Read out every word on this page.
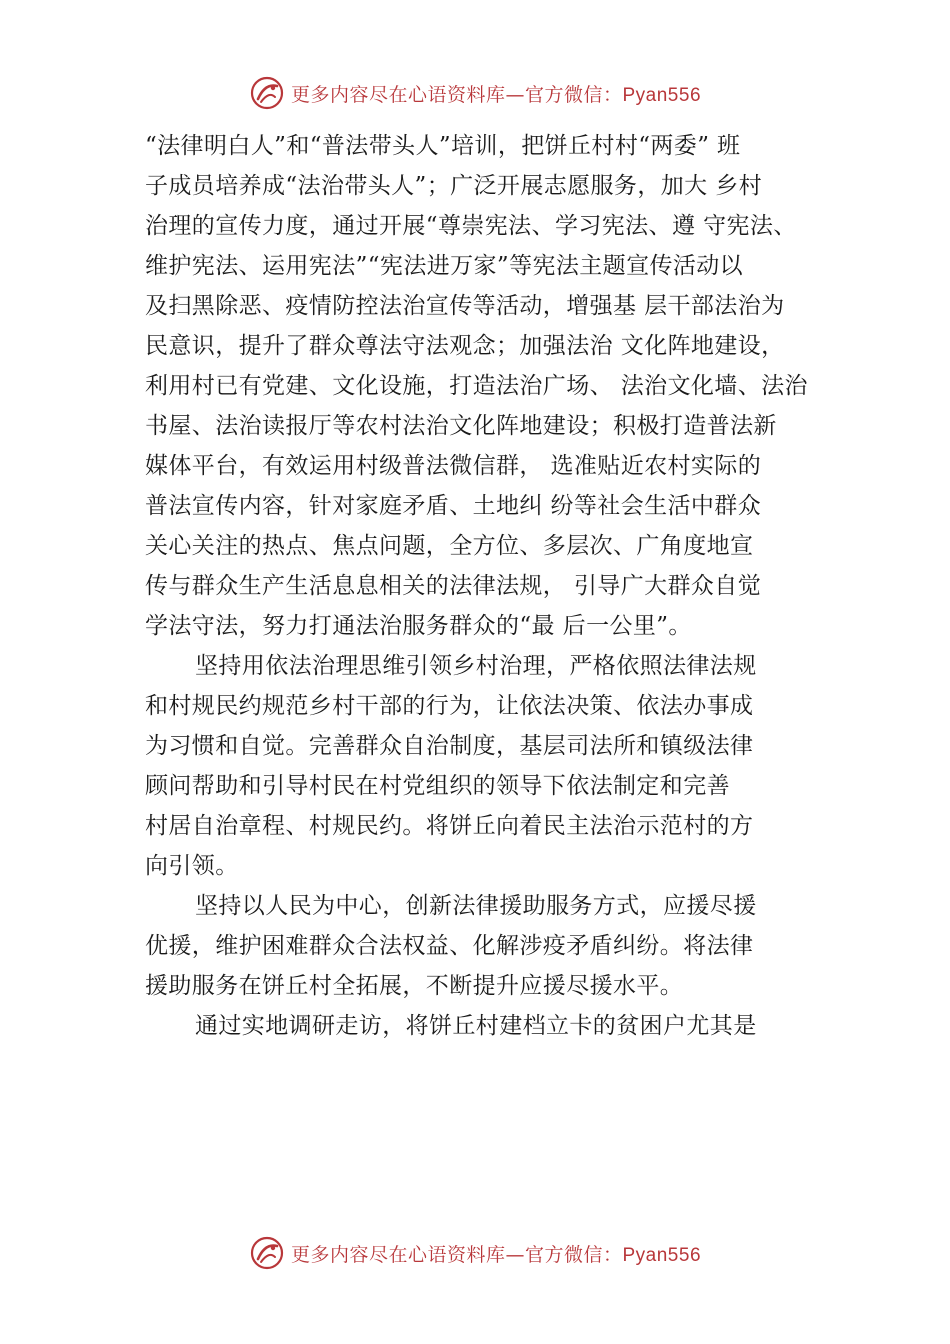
更多内容尽在心语资料库—官方微信：Pyan556
“法律明白人”和“普法带头人”培训，把饼丘村村“两委” 班
子成员培养成“法治带头人”；广泛开展志愿服务，加大 乡村
治理的宣传力度，通过开展“尊崇宪法、学习宪法、遵 守宪法、
维护宪法、运用宪法”“宪法进万家”等宪法主题宣传活动以
及扫黑除恶、疫情防控法治宣传等活动，增强基 层干部法治为
民意识，提升了群众尊法守法观念；加强法治 文化阵地建设，
利用村已有党建、文化设施，打造法治广场、 法治文化墙、法治
书屋、法治读报厅等农村法治文化阵地建设；积极打造普法新
媒体平台，有效运用村级普法微信群， 选准贴近农村实际的
普法宣传内容，针对家庭矛盾、土地纠 纷等社会生活中群众
关心关注的热点、焦点问题，全方位、多层次、广角度地宣
传与群众生产生活息息相关的法律法规， 引导广大群众自觉
学法守法，努力打通法治服务群众的“最 后一公里”。
坚持用依法治理思维引领乡村治理，严格依照法律法规
和村规民约规范乡村干部的行为，让依法决策、依法办事成
为习惯和自觉。完善群众自治制度，基层司法所和镇级法律
顾问帮助和引导村民在村党组织的领导下依法制定和完善
村居自治章程、村规民约。将饼丘向着民主法治示范村的方
向引领。
坚持以人民为中心，创新法律援助服务方式，应援尽援
优援，维护困难群众合法权益、化解涉疫矛盾纠纷。将法律
援助服务在饼丘村全拓展，不断提升应援尽援水平。
通过实地调研走访，将饼丘村建档立卡的贫困户尤其是
更多内容尽在心语资料库—官方微信：Pyan556
